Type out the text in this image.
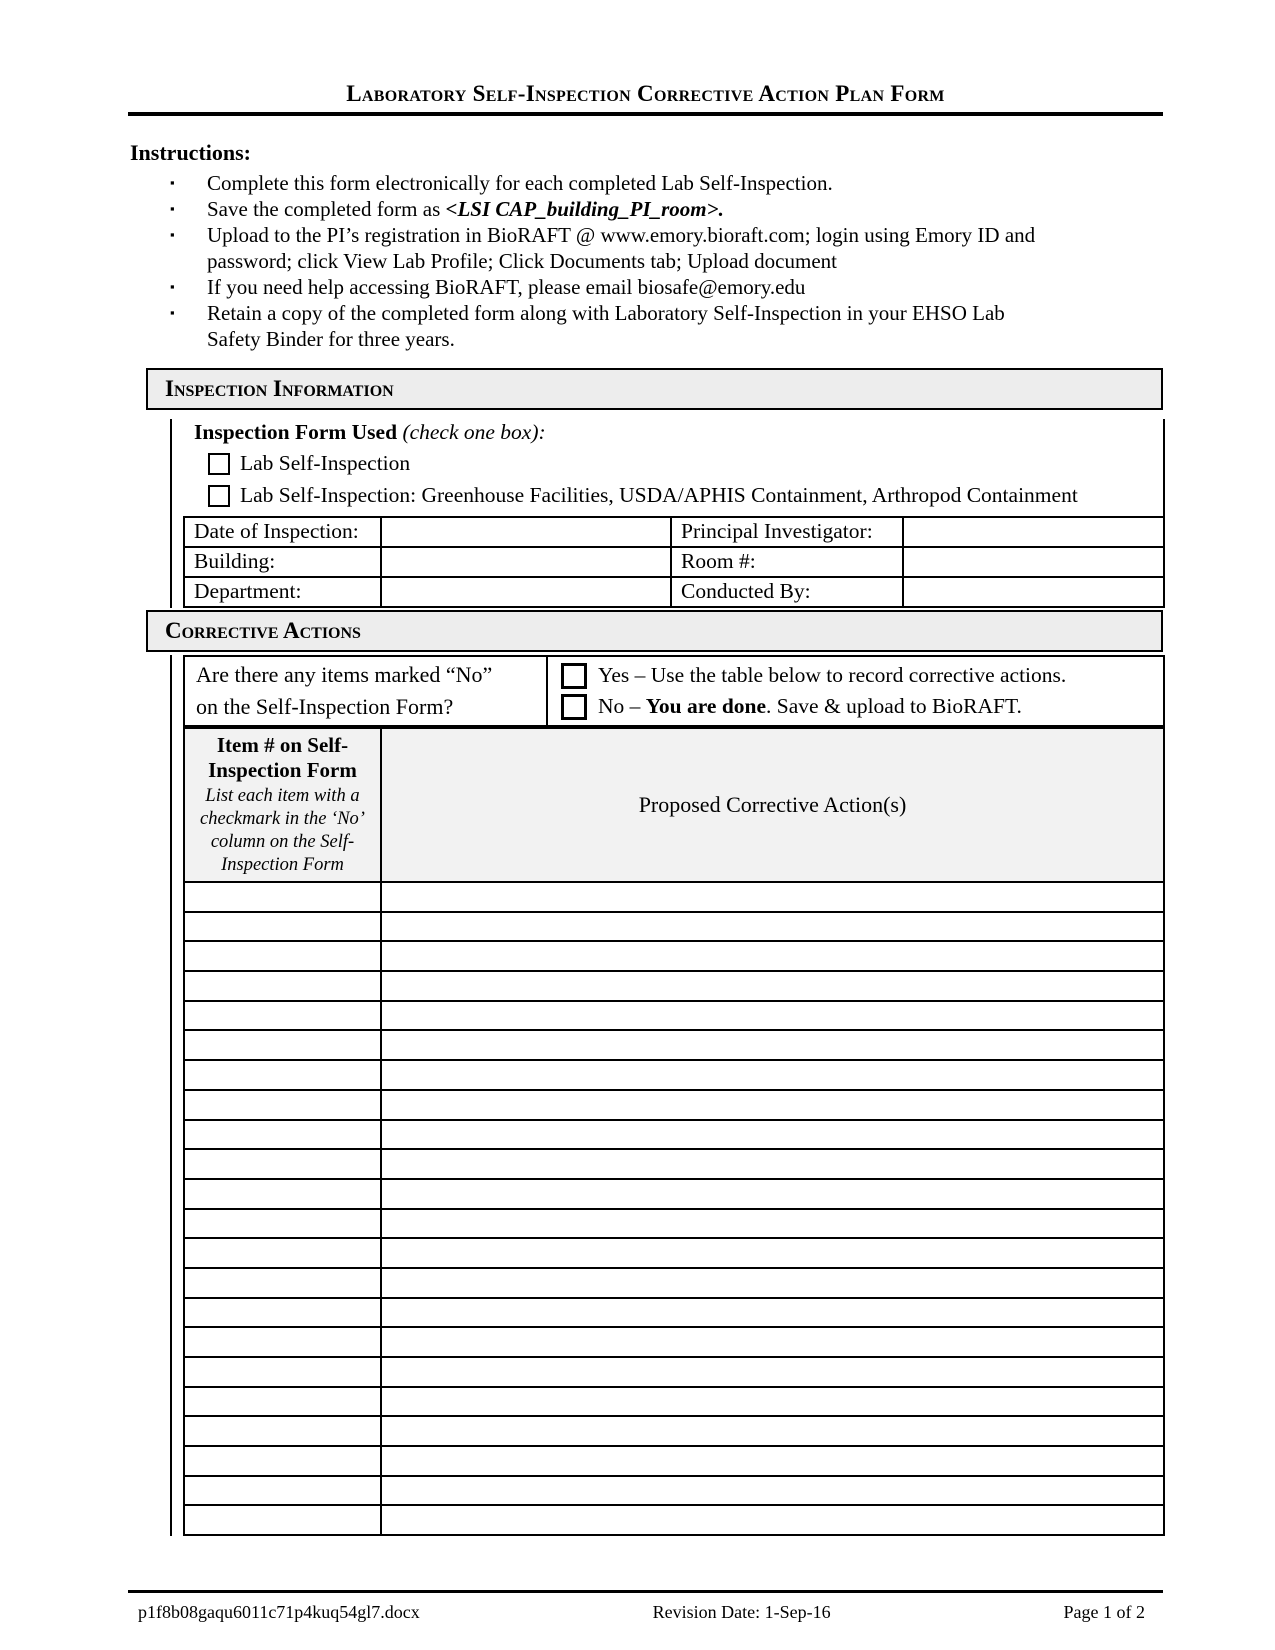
Laboratory Self-Inspection Corrective Action Plan Form
Instructions:
▪	Complete this form electronically for each completed Lab Self-Inspection.
▪	Save the completed form as <LSI CAP_building_PI_room>.
▪	Upload to the PI’s registration in BioRAFT @ www.emory.bioraft.com; login using Emory ID and password; click View Lab Profile; Click Documents tab; Upload document
▪	If you need help accessing BioRAFT, please email biosafe@emory.edu
▪	Retain a copy of the completed form along with Laboratory Self-Inspection in your EHSO Lab Safety Binder for three years.
Inspection Information
Inspection Form Used (check one box):
Lab Self-Inspection
Lab Self-Inspection: Greenhouse Facilities, USDA/APHIS Containment, Arthropod Containment
Date of Inspection:		Principal Investigator:	
Building:		Room #:	
Department:		Conducted By:	
Corrective Actions
Are there any items marked “No”
on the Self-Inspection Form?	
Yes – Use the table below to record corrective actions.
No – You are done. Save & upload to BioRAFT.
Item # on Self-Inspection Form
List each item with a checkmark in the ‘No’ column on the Self-Inspection Form	Proposed Corrective Action(s)

p1f8b08gaqu6011c71p4kuq54gl7.docx	Revision Date: 1-Sep-16	Page 1 of 2
